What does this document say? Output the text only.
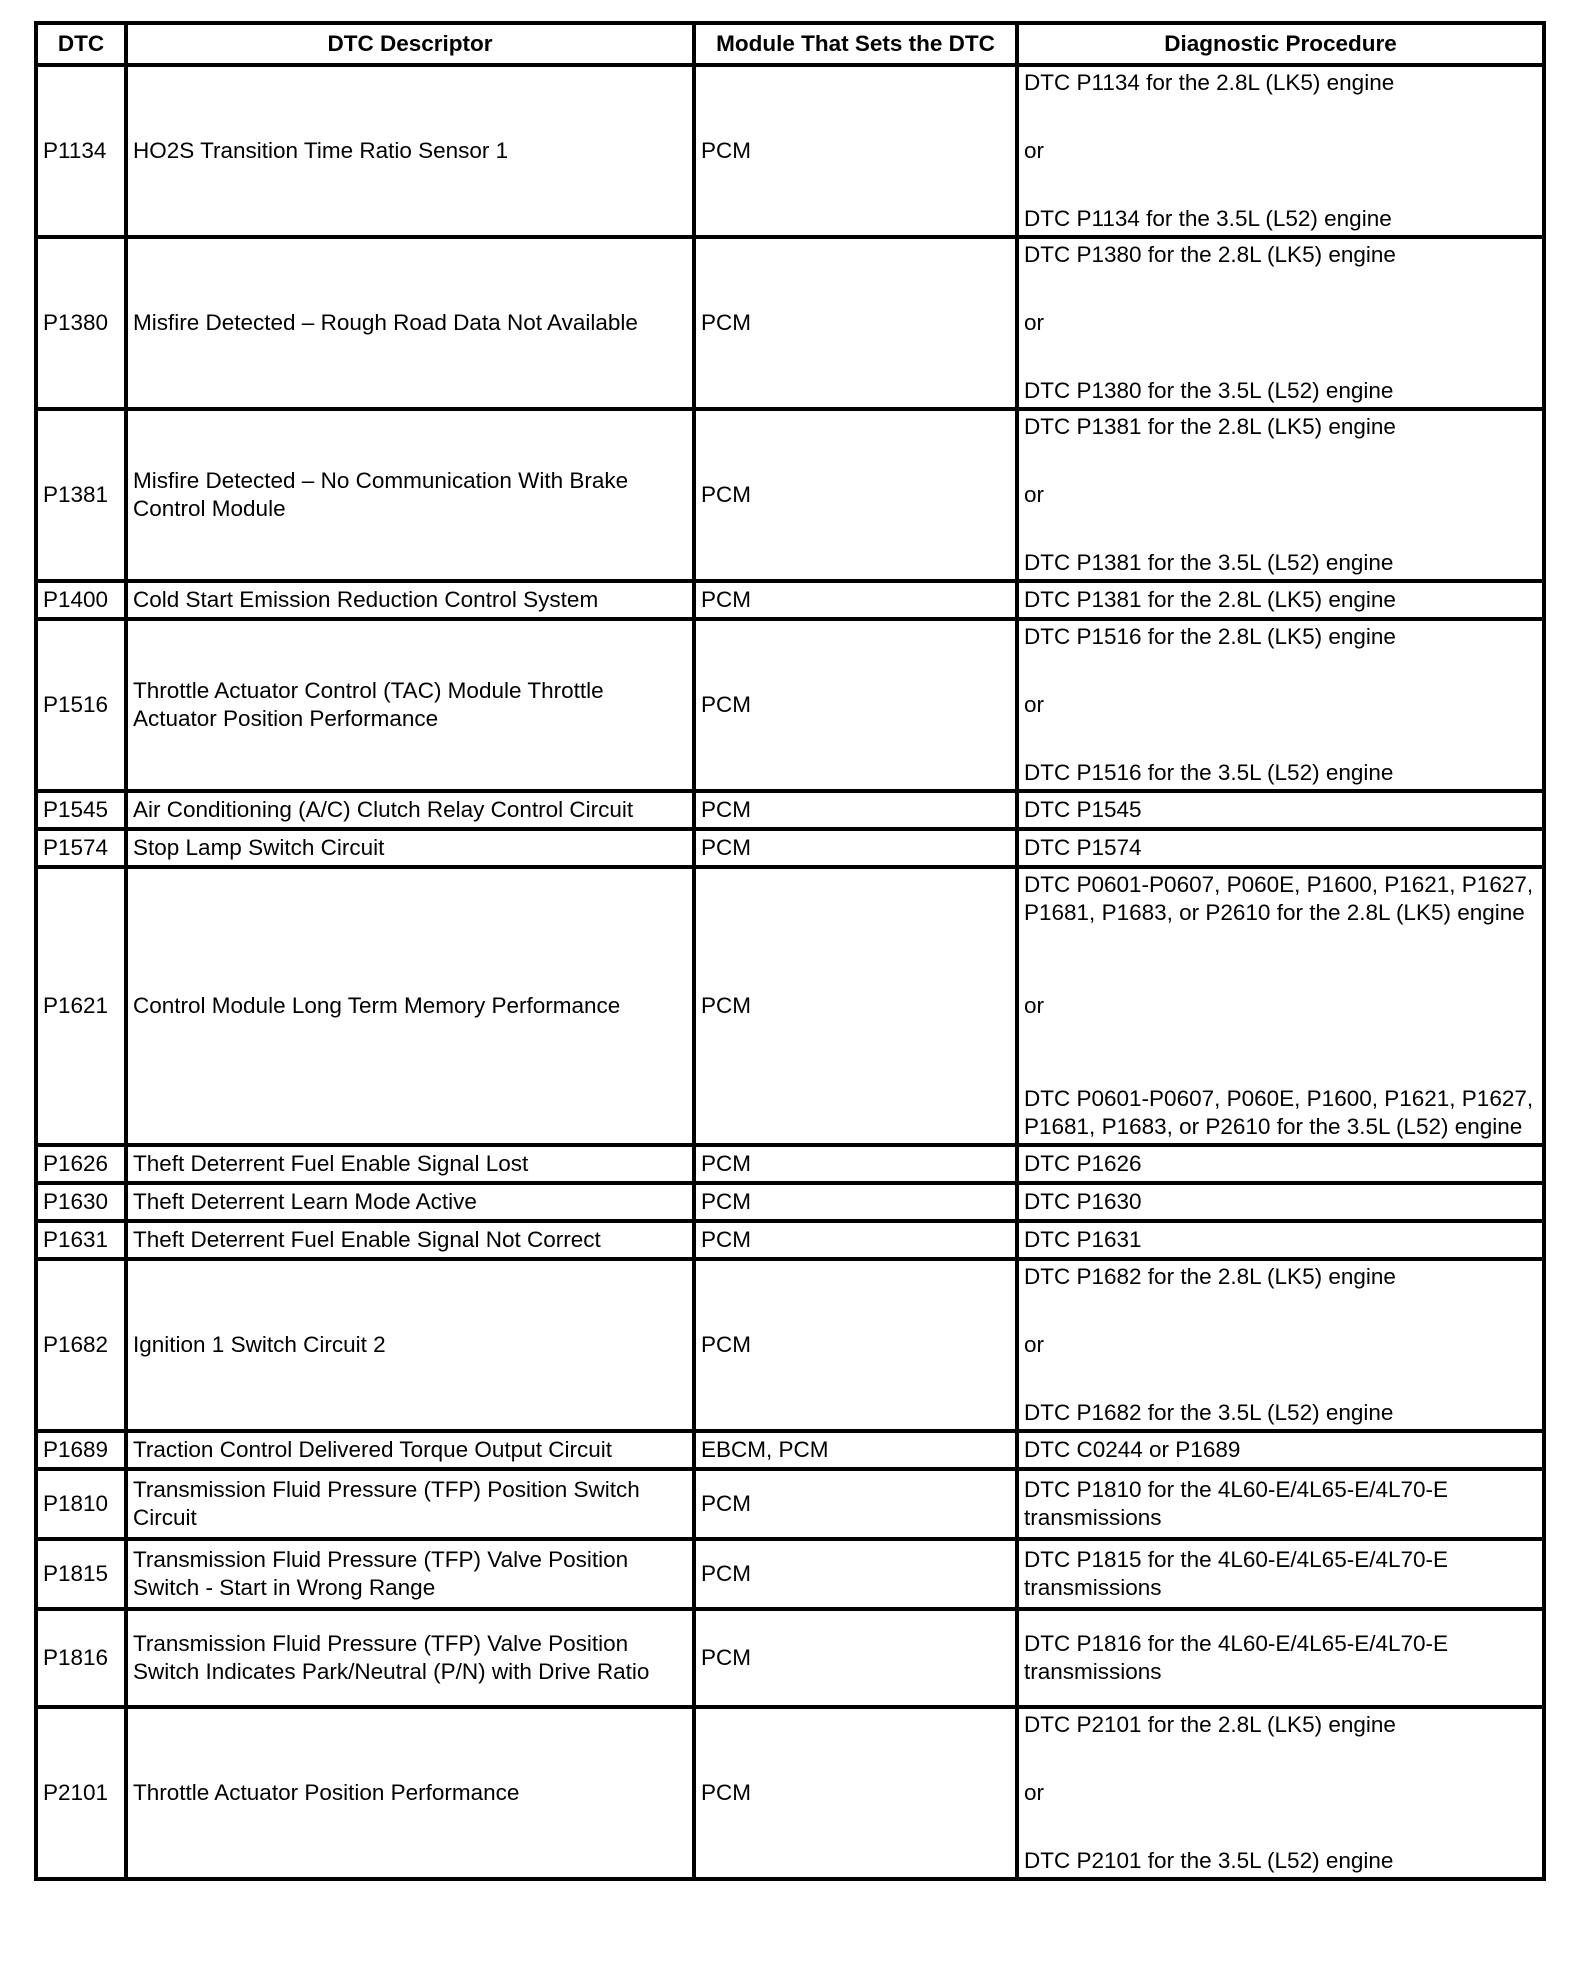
DTC	DTC Descriptor	Module That Sets the DTC	Diagnostic Procedure
P1134	HO2S Transition Time Ratio Sensor 1	PCM	DTC P1134 for the 2.8L (LK5) engine
or
DTC P1134 for the 3.5L (L52) engine

P1380	Misfire Detected – Rough Road Data Not Available	PCM	DTC P1380 for the 2.8L (LK5) engine
or
DTC P1380 for the 3.5L (L52) engine

P1381	Misfire Detected – No Communication With Brake Control Module	PCM	DTC P1381 for the 2.8L (LK5) engine
or
DTC P1381 for the 3.5L (L52) engine

P1400	Cold Start Emission Reduction Control System	PCM	DTC P1381 for the 2.8L (LK5) engine
P1516	Throttle Actuator Control (TAC) Module Throttle Actuator Position Performance	PCM	DTC P1516 for the 2.8L (LK5) engine
or
DTC P1516 for the 3.5L (L52) engine

P1545	Air Conditioning (A/C) Clutch Relay Control Circuit	PCM	DTC P1545
P1574	Stop Lamp Switch Circuit	PCM	DTC P1574
P1621	Control Module Long Term Memory Performance	PCM	DTC P0601-P0607, P060E, P1600, P1621, P1627, P1681, P1683, or P2610 for the 2.8L (LK5) engine
or
DTC P0601-P0607, P060E, P1600, P1621, P1627, P1681, P1683, or P2610 for the 3.5L (L52) engine

P1626	Theft Deterrent Fuel Enable Signal Lost	PCM	DTC P1626
P1630	Theft Deterrent Learn Mode Active	PCM	DTC P1630
P1631	Theft Deterrent Fuel Enable Signal Not Correct	PCM	DTC P1631
P1682	Ignition 1 Switch Circuit 2	PCM	DTC P1682 for the 2.8L (LK5) engine
or
DTC P1682 for the 3.5L (L52) engine

P1689	Traction Control Delivered Torque Output Circuit	EBCM, PCM	DTC C0244 or P1689
P1810	Transmission Fluid Pressure (TFP) Position Switch Circuit	PCM	DTC P1810 for the 4L60-E/4L65-E/4L70-E transmissions
P1815	Transmission Fluid Pressure (TFP) Valve Position Switch - Start in Wrong Range	PCM	DTC P1815 for the 4L60-E/4L65-E/4L70-E transmissions
P1816	Transmission Fluid Pressure (TFP) Valve Position Switch Indicates Park/Neutral (P/N) with Drive Ratio	PCM	DTC P1816 for the 4L60-E/4L65-E/4L70-E transmissions
P2101	Throttle Actuator Position Performance	PCM	DTC P2101 for the 2.8L (LK5) engine
or
DTC P2101 for the 3.5L (L52) engine
